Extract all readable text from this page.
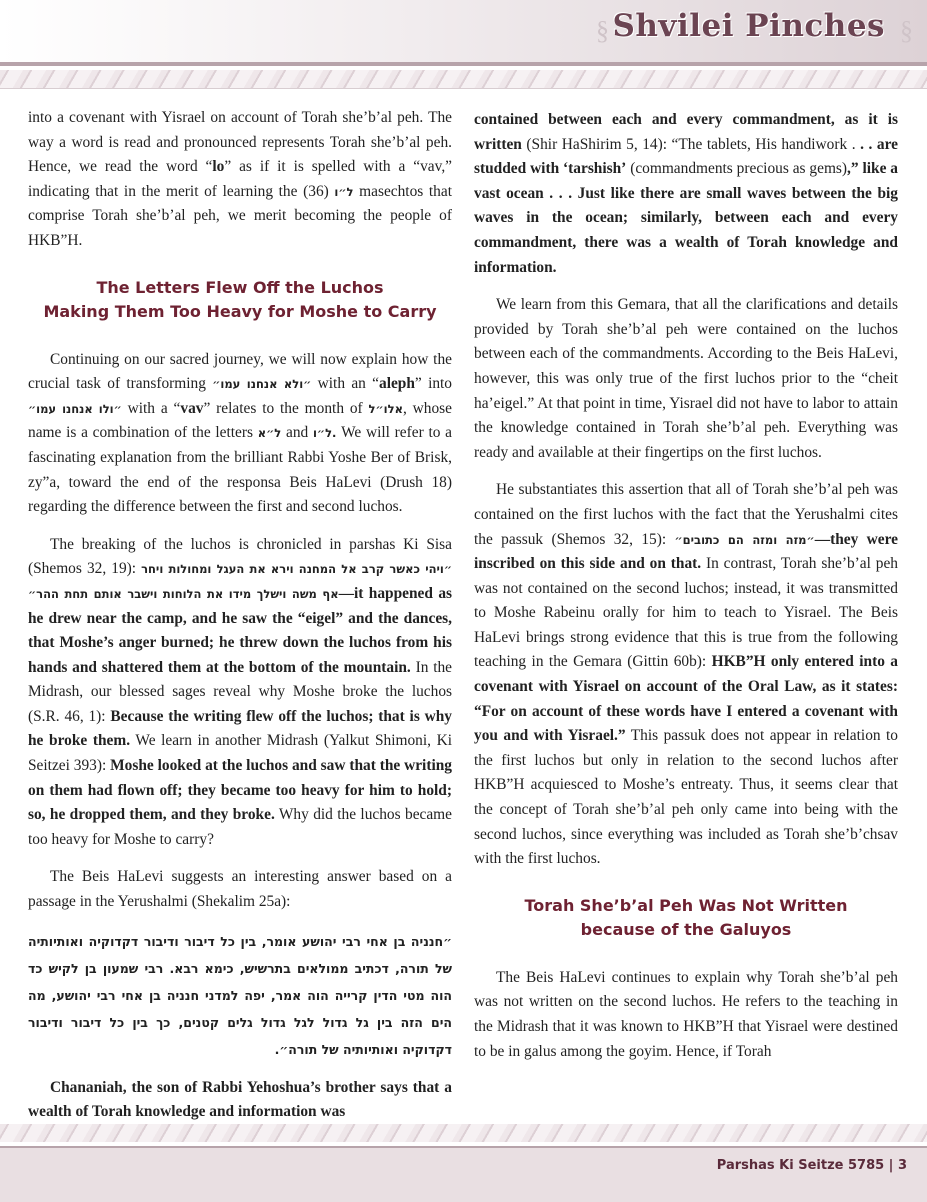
§ Shvilei Pinches §

into a covenant with Yisrael on account of Torah she’b’al peh. The way a word is read and pronounced represents Torah she’b’al peh. Hence, we read the word “lo” as if it is spelled with a “vav,” indicating that in the merit of learning the	ל״ו (36) masechtos that comprise Torah she’b’al peh, we merit becoming the people of HKB”H.

The Letters Flew Off the Luchos
Making Them Too Heavy for Moshe to Carry

Continuing on our sacred journey, we will now explain how the crucial task of transforming ״ולא אנחנו עמו״ with an “aleph” into ״ולו אנחנו עמו״ with a “vav” relates to the month of אלו״ל, whose name is a combination of the letters ל״א and ל״ו. We will refer to a fascinating explanation from the brilliant Rabbi Yoshe Ber of Brisk, zy”a, toward the end of the responsa Beis HaLevi (Drush 18) regarding the difference between the first and second luchos.

The breaking of the luchos is chronicled in parshas Ki Sisa (Shemos 32, 19): ״ויהי כאשר קרב אל המחנה וירא את העגל ומחולות ויחר אף משה וישלך מידו את הלוחות וישבר אותם תחת ההר״—it happened as he drew near the camp, and he saw the “eigel” and the dances, that Moshe’s anger burned; he threw down the luchos from his hands and shattered them at the bottom of the mountain. In the Midrash, our blessed sages reveal why Moshe broke the luchos (S.R. 46, 1): Because the writing flew off the luchos; that is why he broke them. We learn in another Midrash (Yalkut Shimoni, Ki Seitzei 393): Moshe looked at the luchos and saw that the writing on them had flown off; they became too heavy for him to hold; so, he dropped them, and they broke. Why did the luchos became too heavy for Moshe to carry?

The Beis HaLevi suggests an interesting answer based on a passage in the Yerushalmi (Shekalim 25a):

״חנניה בן אחי רבי יהושע אומר, בין כל דיבור ודיבור דקדוקיה ואותיותיה של תורה, דכתיב ממולאים בתרשיש, כימא רבא. רבי שמעון בן לקיש כד הוה מטי הדין קרייה הוה אמר, יפה למדני חנניה בן אחי רבי יהושע, מה הים הזה בין גל גדול לגל גדול גלים קטנים, כך בין כל דיבור ודיבור דקדוקיה ואותיותיה של תורה״.

Chananiah, the son of Rabbi Yehoshua’s brother says that a wealth of Torah knowledge and information was

contained between each and every commandment, as it is written (Shir HaShirim 5, 14): “The tablets, His handiwork . . . are studded with ‘tarshish’ (commandments precious as gems),” like a vast ocean . . . Just like there are small waves between the big waves in the ocean; similarly, between each and every commandment, there was a wealth of Torah knowledge and information.

We learn from this Gemara, that all the clarifications and details provided by Torah she’b’al peh were contained on the luchos between each of the commandments. According to the Beis HaLevi, however, this was only true of the first luchos prior to the “cheit ha’eigel.” At that point in time, Yisrael did not have to labor to attain the knowledge contained in Torah she’b’al peh. Everything was ready and available at their fingertips on the first luchos.

He substantiates this assertion that all of Torah she’b’al peh was contained on the first luchos with the fact that the Yerushalmi cites the passuk (Shemos 32, 15): ״מזה ומזה הם כתובים״—they were inscribed on this side and on that. In contrast, Torah she’b’al peh was not contained on the second luchos; instead, it was transmitted to Moshe Rabeinu orally for him to teach to Yisrael. The Beis HaLevi brings strong evidence that this is true from the following teaching in the Gemara (Gittin 60b): HKB”H only entered into a covenant with Yisrael on account of the Oral Law, as it states: “For on account of these words have I entered a covenant with you and with Yisrael.” This passuk does not appear in relation to the first luchos but only in relation to the second luchos after HKB”H acquiesced to Moshe’s entreaty. Thus, it seems clear that the concept of Torah she’b’al peh only came into being with the second luchos, since everything was included as Torah she’b’chsav with the first luchos.

Torah She’b’al Peh Was Not Written
because of the Galuyos

The Beis HaLevi continues to explain why Torah she’b’al peh was not written on the second luchos. He refers to the teaching in the Midrash that it was known to HKB”H that Yisrael were destined to be in galus among the goyim. Hence, if Torah

Parshas Ki Seitze 5785 | 3
